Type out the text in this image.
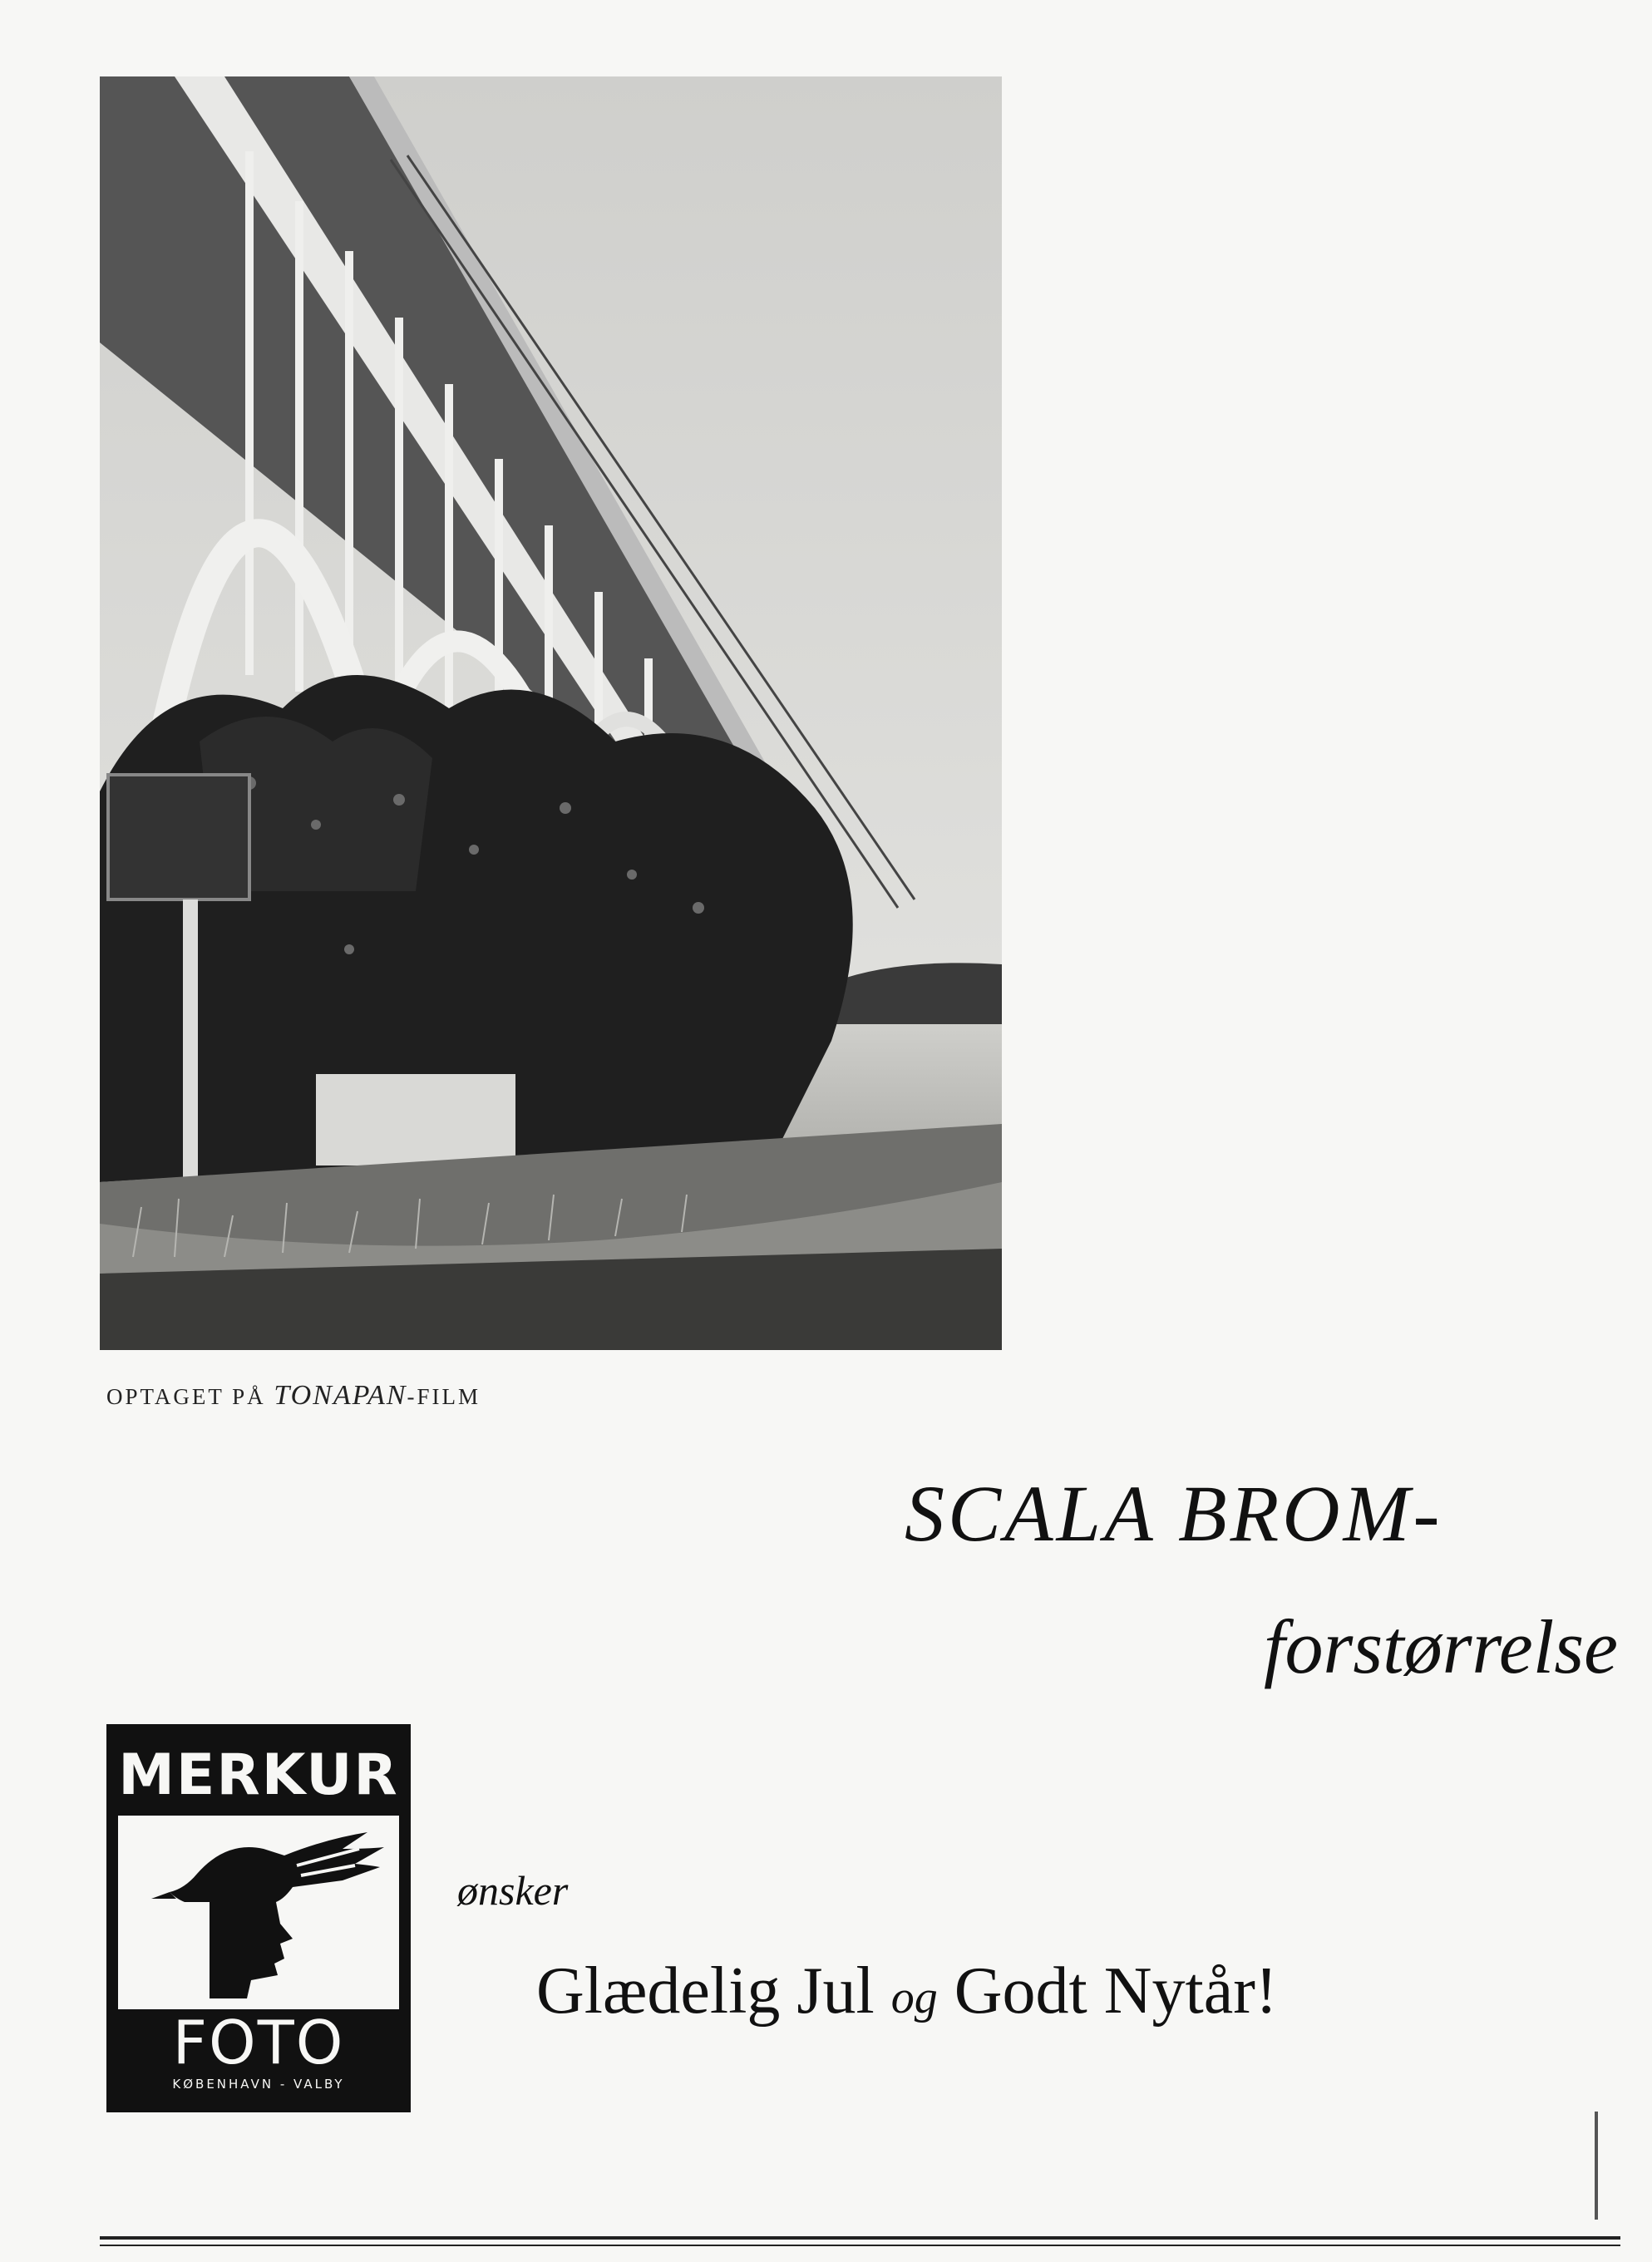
OPTAGET PÅ TONAPAN-FILM
SCALA BROM-
forstørrelse
MERKUR
FOTO
KØBENHAVN - VALBY
ønsker
Glædelig Jul og Godt Nytår!
